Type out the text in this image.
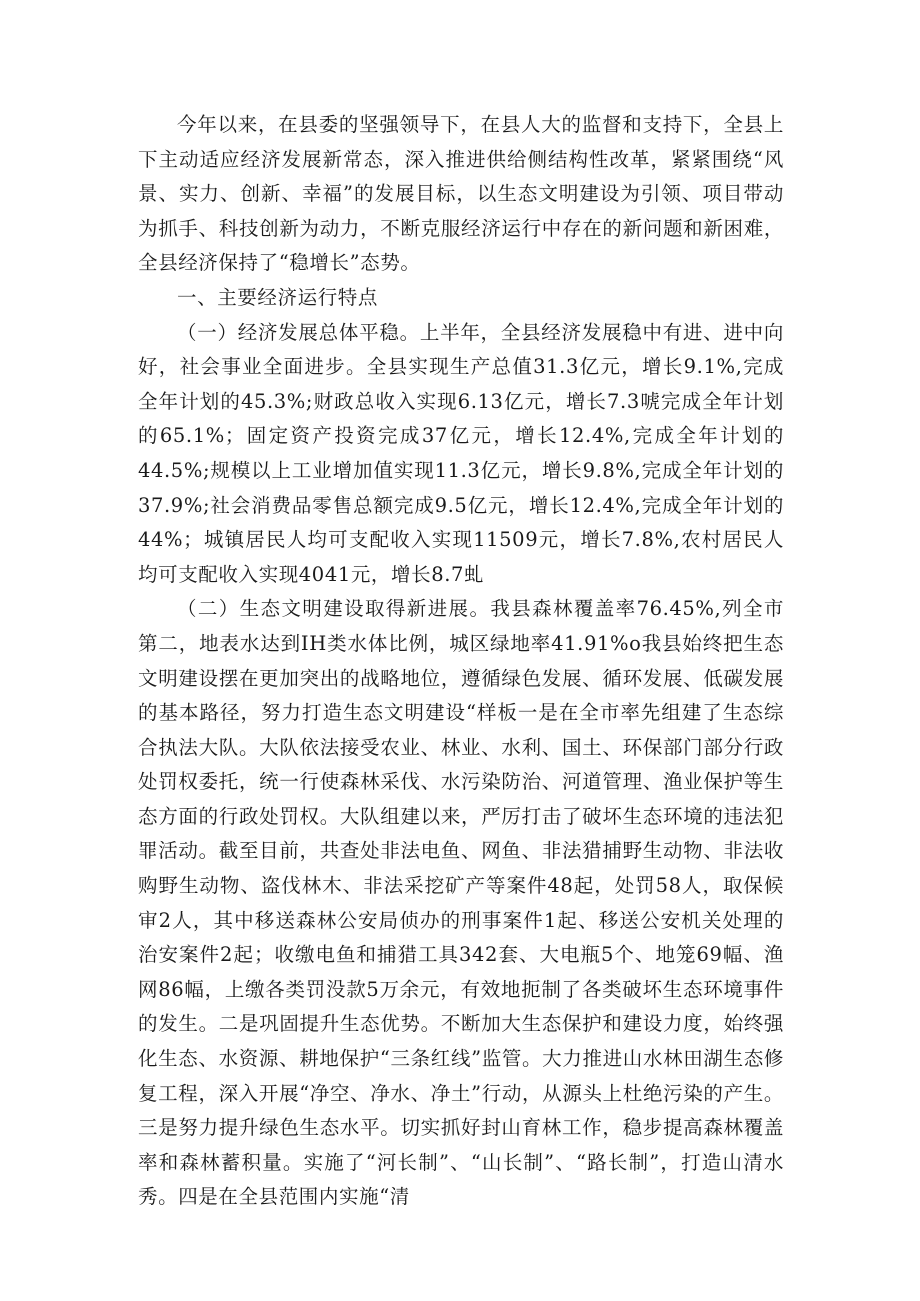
今年以来，在县委的坚强领导下，在县人大的监督和支持下，全县上下主动适应经济发展新常态，深入推进供给侧结构性改革，紧紧围绕“风景、实力、创新、幸福”的发展目标，以生态文明建设为引领、项目带动为抓手、科技创新为动力，不断克服经济运行中存在的新问题和新困难，全县经济保持了“稳增长”态势。

一、主要经济运行特点

（一）经济发展总体平稳。上半年，全县经济发展稳中有进、进中向好，社会事业全面进步。全县实现生产总值31.3亿元，增长9.1%,完成全年计划的45.3%;财政总收入实现6.13亿元，增长7.3唬完成全年计划的65.1%；固定资产投资完成37亿元，增长12.4%,完成全年计划的44.5%;规模以上工业增加值实现11.3亿元，增长9.8%,完成全年计划的37.9%;社会消费品零售总额完成9.5亿元，增长12.4%,完成全年计划的44%；城镇居民人均可支配收入实现11509元，增长7.8%,农村居民人均可支配收入实现4041元，增长8.7虬

（二）生态文明建设取得新进展。我县森林覆盖率76.45%,列全市第二，地表水达到IH类水体比例，城区绿地率41.91%o我县始终把生态文明建设摆在更加突出的战略地位，遵循绿色发展、循环发展、低碳发展的基本路径，努力打造生态文明建设“样板一是在全市率先组建了生态综合执法大队。大队依法接受农业、林业、水利、国土、环保部门部分行政处罚权委托，统一行使森林采伐、水污染防治、河道管理、渔业保护等生态方面的行政处罚权。大队组建以来，严厉打击了破坏生态环境的违法犯罪活动。截至目前，共查处非法电鱼、网鱼、非法猎捕野生动物、非法收购野生动物、盗伐林木、非法采挖矿产等案件48起，处罚58人，取保候审2人，其中移送森林公安局侦办的刑事案件1起、移送公安机关处理的治安案件2起；收缴电鱼和捕猎工具342套、大电瓶5个、地笼69幅、渔网86幅，上缴各类罚没款5万余元，有效地扼制了各类破坏生态环境事件的发生。二是巩固提升生态优势。不断加大生态保护和建设力度，始终强化生态、水资源、耕地保护“三条红线”监管。大力推进山水林田湖生态修复工程，深入开展“净空、净水、净土”行动，从源头上杜绝污染的产生。三是努力提升绿色生态水平。切实抓好封山育林工作，稳步提高森林覆盖率和森林蓄积量。实施了“河长制”、“山长制”、“路长制”，打造山清水秀。四是在全县范围内实施“清
